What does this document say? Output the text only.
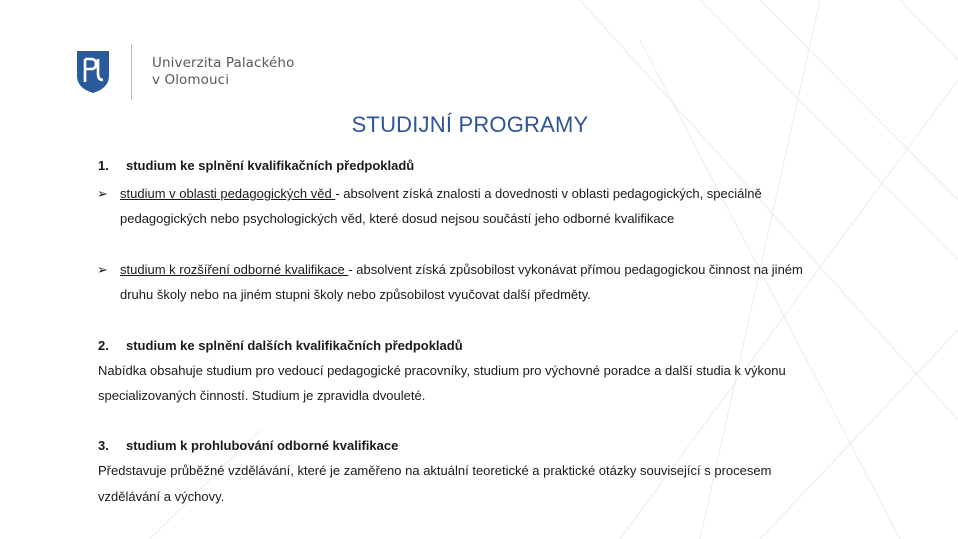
Univerzita Palackého
v Olomouci
STUDIJNÍ PROGRAMY
1. studium ke splnění kvalifikačních předpokladů
➢ studium v oblasti pedagogických věd - absolvent získá znalosti a dovednosti v oblasti pedagogických, speciálně
pedagogických nebo psychologických věd, které dosud nejsou součástí jeho odborné kvalifikace
➢ studium k rozšíření odborné kvalifikace - absolvent získá způsobilost vykonávat přímou pedagogickou činnost na jiném
druhu školy nebo na jiném stupni školy nebo způsobilost vyučovat další předměty.
2. studium ke splnění dalších kvalifikačních předpokladů
Nabídka obsahuje studium pro vedoucí pedagogické pracovníky, studium pro výchovné poradce a další studia k výkonu
specializovaných činností. Studium je zpravidla dvouleté.
3. studium k prohlubování odborné kvalifikace
Představuje průběžné vzdělávání, které je zaměřeno na aktuální teoretické a praktické otázky související s procesem
vzdělávání a výchovy.
